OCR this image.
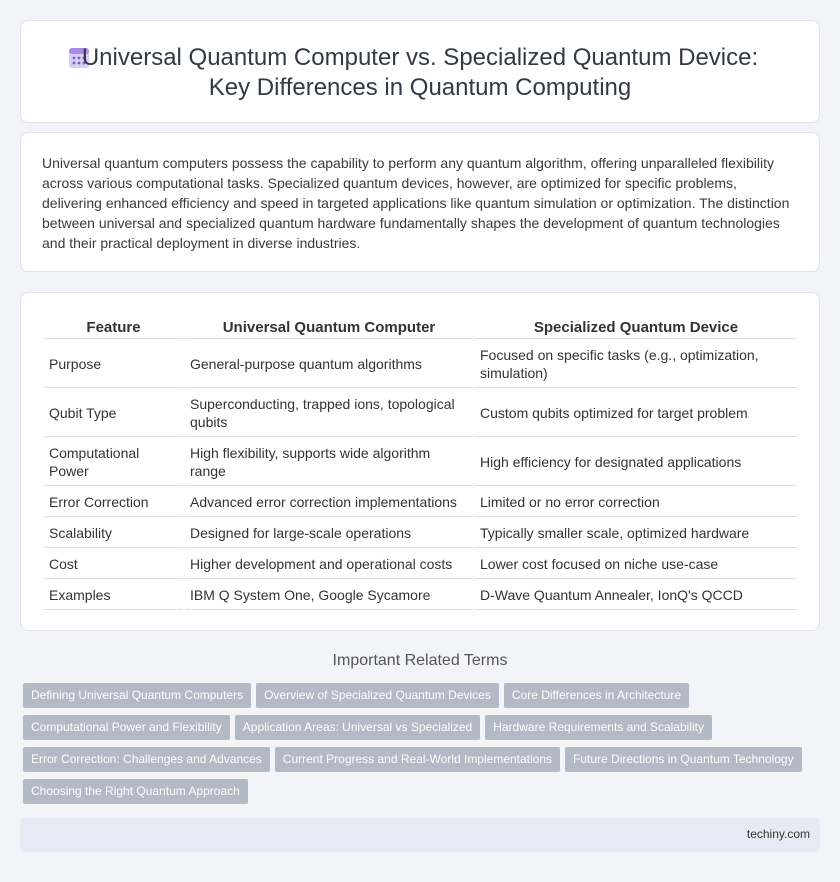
Universal Quantum Computer vs. Specialized Quantum Device:
Key Differences in Quantum Computing

Universal quantum computers possess the capability to perform any quantum algorithm, offering unparalleled flexibility across various computational tasks. Specialized quantum devices, however, are optimized for specific problems, delivering enhanced efficiency and speed in targeted applications like quantum simulation or optimization. The distinction between universal and specialized quantum hardware fundamentally shapes the development of quantum technologies and their practical deployment in diverse industries.

Feature	Universal Quantum Computer	Specialized Quantum Device
Purpose	General-purpose quantum algorithms	Focused on specific tasks (e.g., optimization, simulation)
Qubit Type	Superconducting, trapped ions, topological qubits	Custom qubits optimized for target problem
Computational Power	High flexibility, supports wide algorithm range	High efficiency for designated applications
Error Correction	Advanced error correction implementations	Limited or no error correction
Scalability	Designed for large-scale operations	Typically smaller scale, optimized hardware
Cost	Higher development and operational costs	Lower cost focused on niche use-case
Examples	IBM Q System One, Google Sycamore	D-Wave Quantum Annealer, IonQ's QCCD
Important Related Terms
Defining Universal Quantum Computers Overview of Specialized Quantum Devices Core Differences in Architecture
Computational Power and Flexibility Application Areas: Universal vs Specialized Hardware Requirements and Scalability
Error Correction: Challenges and Advances Current Progress and Real-World Implementations Future Directions in Quantum Technology
Choosing the Right Quantum Approach
techiny.com
